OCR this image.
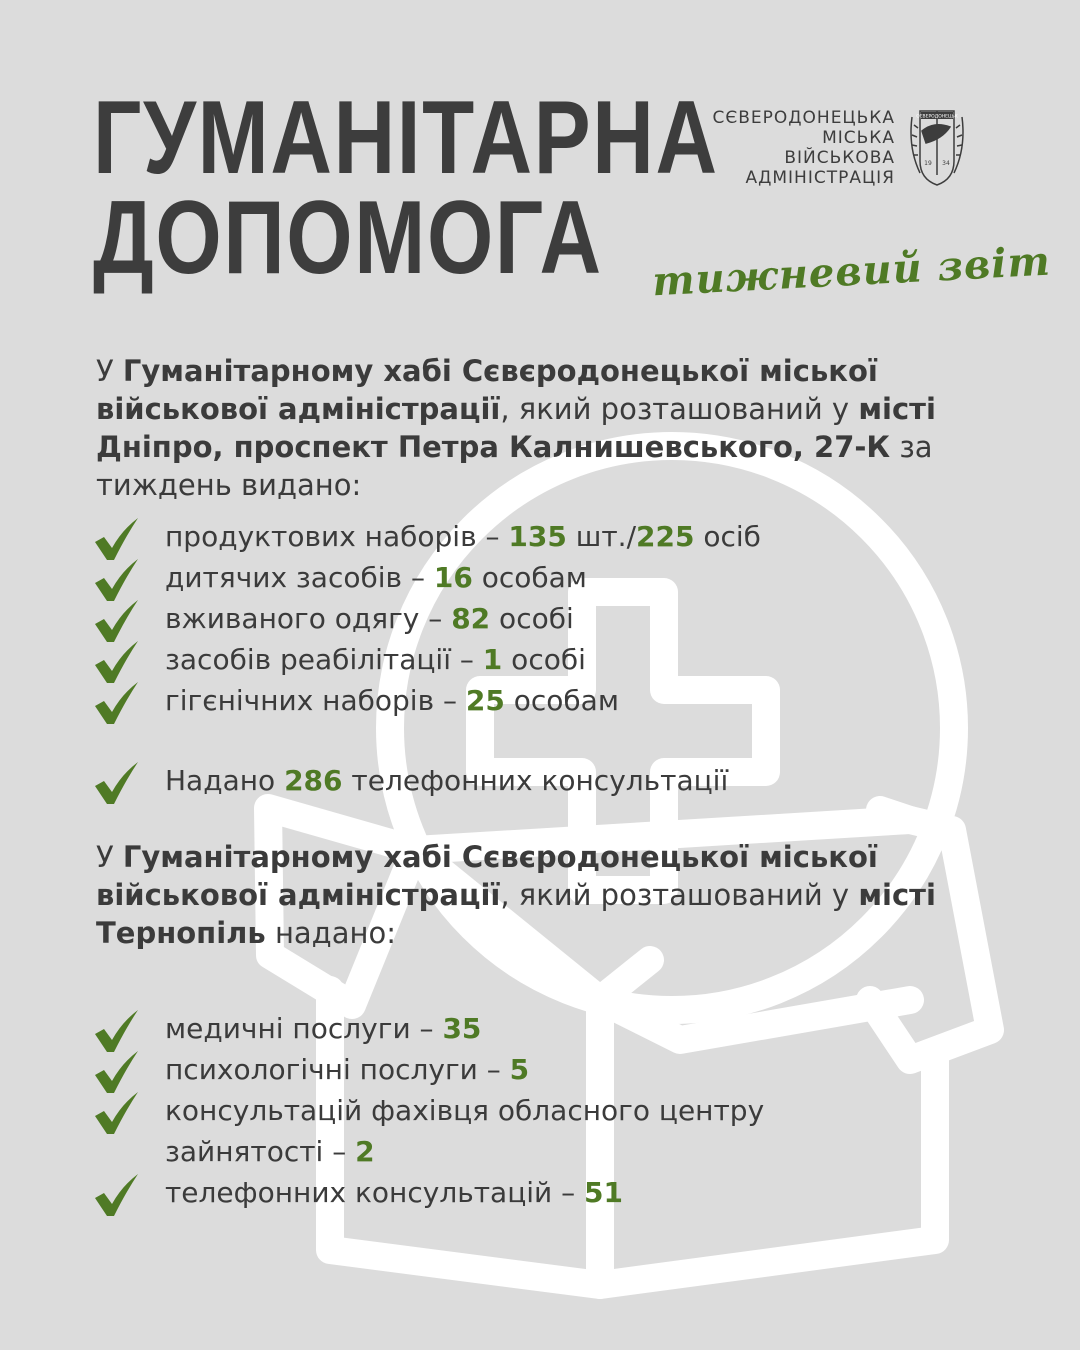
ГУМАНІТАРНА
ДОПОМОГА
СЄВЕРОДОНЕЦЬКА
МІСЬКА
ВІЙСЬКОВА
АДМІНІСТРАЦІЯ
СЄВЕРОДОНЕЦЬК
19 34
тижневий звіт

У Гуманітарному хабі Сєвєродонецької міської військової адміністрації, який розташований у місті Дніпро, проспект Петра Калнишевського, 27-К за тиждень видано:

продуктових наборів – 135 шт./225 осіб
дитячих засобів – 16 особам
вживаного одягу – 82 особі
засобів реабілітації – 1 особі
гігєнічних наборів – 25 особам
Надано 286 телефонних консультації

У Гуманітарному хабі Сєвєродонецької міської військової адміністрації, який розташований у місті Тернопіль надано:

медичні послуги – 35
психологічні послуги – 5
консультацій фахівця обласного центру зайнятості – 2
телефонних консультацій – 51
